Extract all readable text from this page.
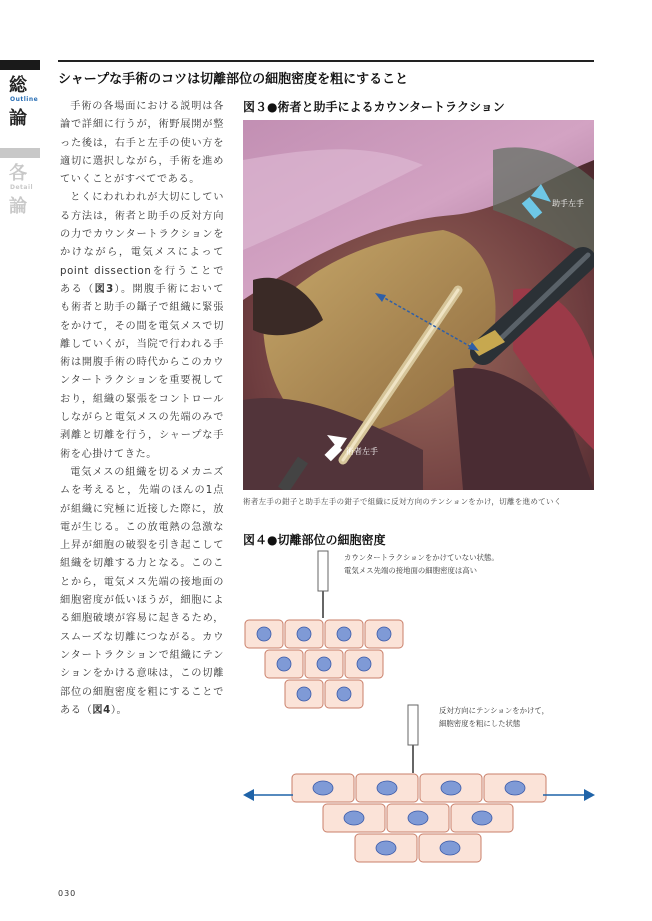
総
Outline
論
各
Detail
論
シャープな手術のコツは切離部位の細胞密度を粗にすること

手術の各場面における説明は各論で詳細に行うが，術野展開が整った後は，右手と左手の使い方を適切に選択しながら，手術を進めていくことがすべてである。

とくにわれわれが大切にしている方法は，術者と助手の反対方向の力でカウンタートラクションをかけながら，電気メスによってpoint dissectionを行うことである（図3）。開腹手術においても術者と助手の鑷子で組織に緊張をかけて，その間を電気メスで切離していくが，当院で行われる手術は開腹手術の時代からこのカウンタートラクションを重要視しており，組織の緊張をコントロールしながらと電気メスの先端のみで剥離と切離を行う，シャープな手術を心掛けてきた。

電気メスの組織を切るメカニズムを考えると，先端のほんの1点が組織に究極に近接した際に，放電が生じる。この放電熱の急激な上昇が細胞の破裂を引き起こして組織を切離する力となる。このことから，電気メス先端の接地面の細胞密度が低いほうが，細胞による細胞破壊が容易に起きるため，スムーズな切離につながる。カウンタートラクションで組織にテンションをかける意味は，この切離部位の細胞密度を粗にすることである（図4）。

図３●術者と助手によるカウンタートラクション
助手左手
術者左手
術者左手の鉗子と助手左手の鉗子で組織に反対方向のテンションをかけ，切離を進めていく
図４●切離部位の細胞密度
カウンタートラクションをかけていない状態。
電気メス先端の接地面の細胞密度は高い
反対方向にテンションをかけて，
細胞密度を粗にした状態
030
